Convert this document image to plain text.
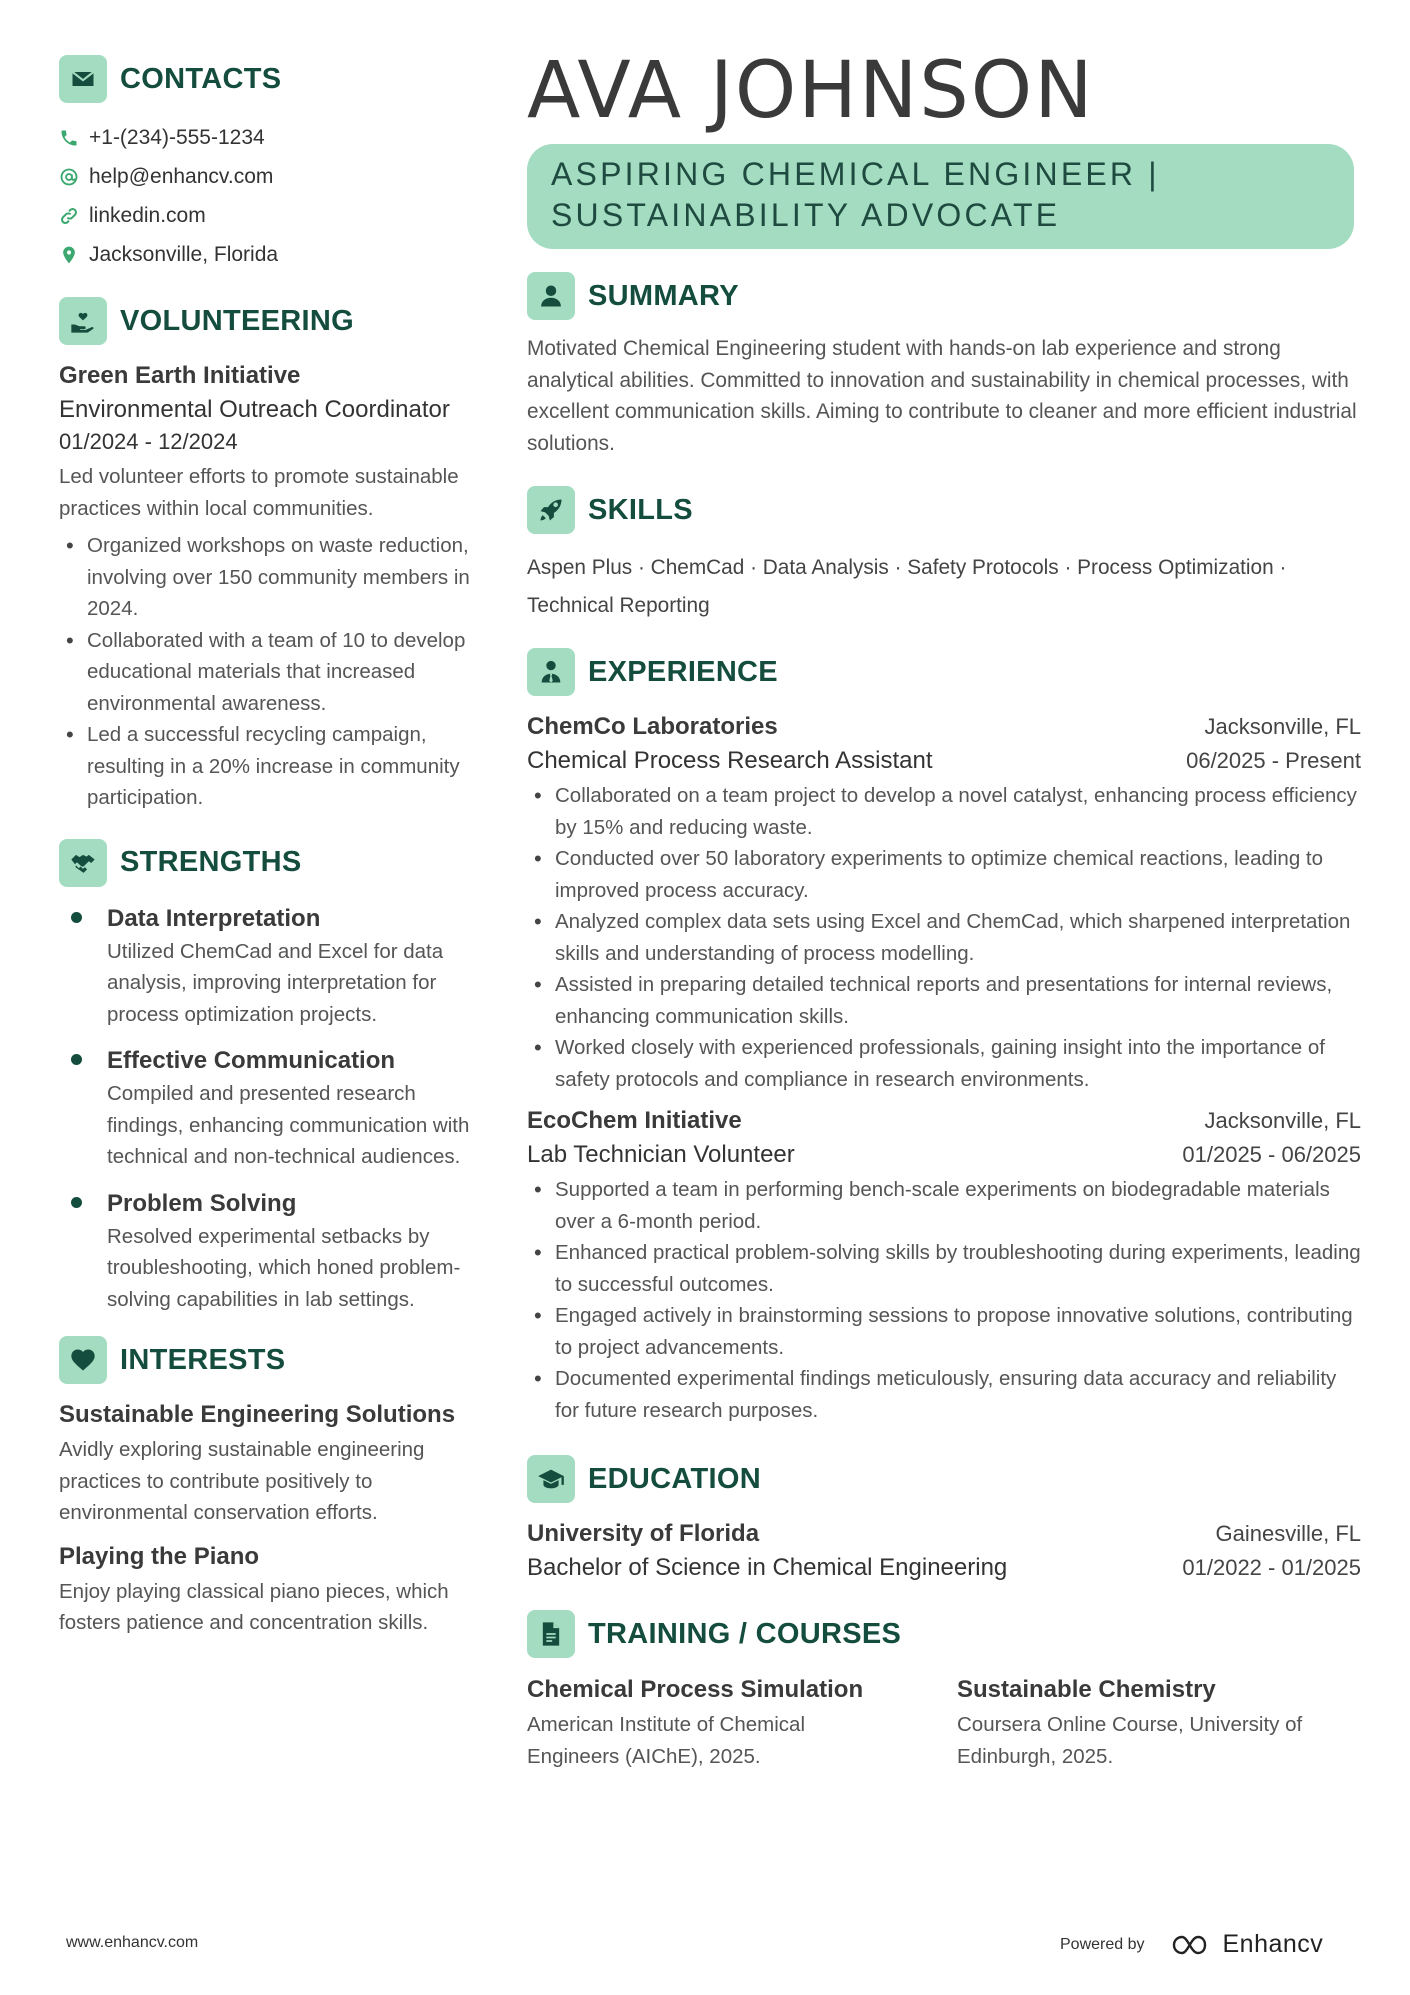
CONTACTS
+1-(234)-555-1234
help@enhancv.com
linkedin.com
Jacksonville, Florida
VOLUNTEERING
Green Earth Initiative
Environmental Outreach Coordinator
01/2024 - 12/2024
Led volunteer efforts to promote sustainable practices within local communities.
• Organized workshops on waste reduction, involving over 150 community members in 2024.
• Collaborated with a team of 10 to develop educational materials that increased environmental awareness.
• Led a successful recycling campaign, resulting in a 20% increase in community participation.
STRENGTHS
Data Interpretation
Utilized ChemCad and Excel for data analysis, improving interpretation for process optimization projects.
Effective Communication
Compiled and presented research findings, enhancing communication with technical and non-technical audiences.
Problem Solving
Resolved experimental setbacks by troubleshooting, which honed problem-solving capabilities in lab settings.
INTERESTS
Sustainable Engineering Solutions
Avidly exploring sustainable engineering practices to contribute positively to environmental conservation efforts.
Playing the Piano
Enjoy playing classical piano pieces, which fosters patience and concentration skills.
AVA JOHNSON
ASPIRING CHEMICAL ENGINEER | SUSTAINABILITY ADVOCATE
SUMMARY
Motivated Chemical Engineering student with hands-on lab experience and strong analytical abilities. Committed to innovation and sustainability in chemical processes, with excellent communication skills. Aiming to contribute to cleaner and more efficient industrial solutions.
SKILLS
Aspen Plus · ChemCad · Data Analysis · Safety Protocols · Process Optimization · Technical Reporting
EXPERIENCE
ChemCo Laboratories	Jacksonville, FL
Chemical Process Research Assistant	06/2025 - Present
• Collaborated on a team project to develop a novel catalyst, enhancing process efficiency by 15% and reducing waste.
• Conducted over 50 laboratory experiments to optimize chemical reactions, leading to improved process accuracy.
• Analyzed complex data sets using Excel and ChemCad, which sharpened interpretation skills and understanding of process modelling.
• Assisted in preparing detailed technical reports and presentations for internal reviews, enhancing communication skills.
• Worked closely with experienced professionals, gaining insight into the importance of safety protocols and compliance in research environments.
EcoChem Initiative	Jacksonville, FL
Lab Technician Volunteer	01/2025 - 06/2025
• Supported a team in performing bench-scale experiments on biodegradable materials over a 6-month period.
• Enhanced practical problem-solving skills by troubleshooting during experiments, leading to successful outcomes.
• Engaged actively in brainstorming sessions to propose innovative solutions, contributing to project advancements.
• Documented experimental findings meticulously, ensuring data accuracy and reliability for future research purposes.
EDUCATION
University of Florida	Gainesville, FL
Bachelor of Science in Chemical Engineering	01/2022 - 01/2025
TRAINING / COURSES
Chemical Process Simulation
American Institute of Chemical Engineers (AIChE), 2025.
Sustainable Chemistry
Coursera Online Course, University of Edinburgh, 2025.
www.enhancv.com	Powered by	Enhancv
